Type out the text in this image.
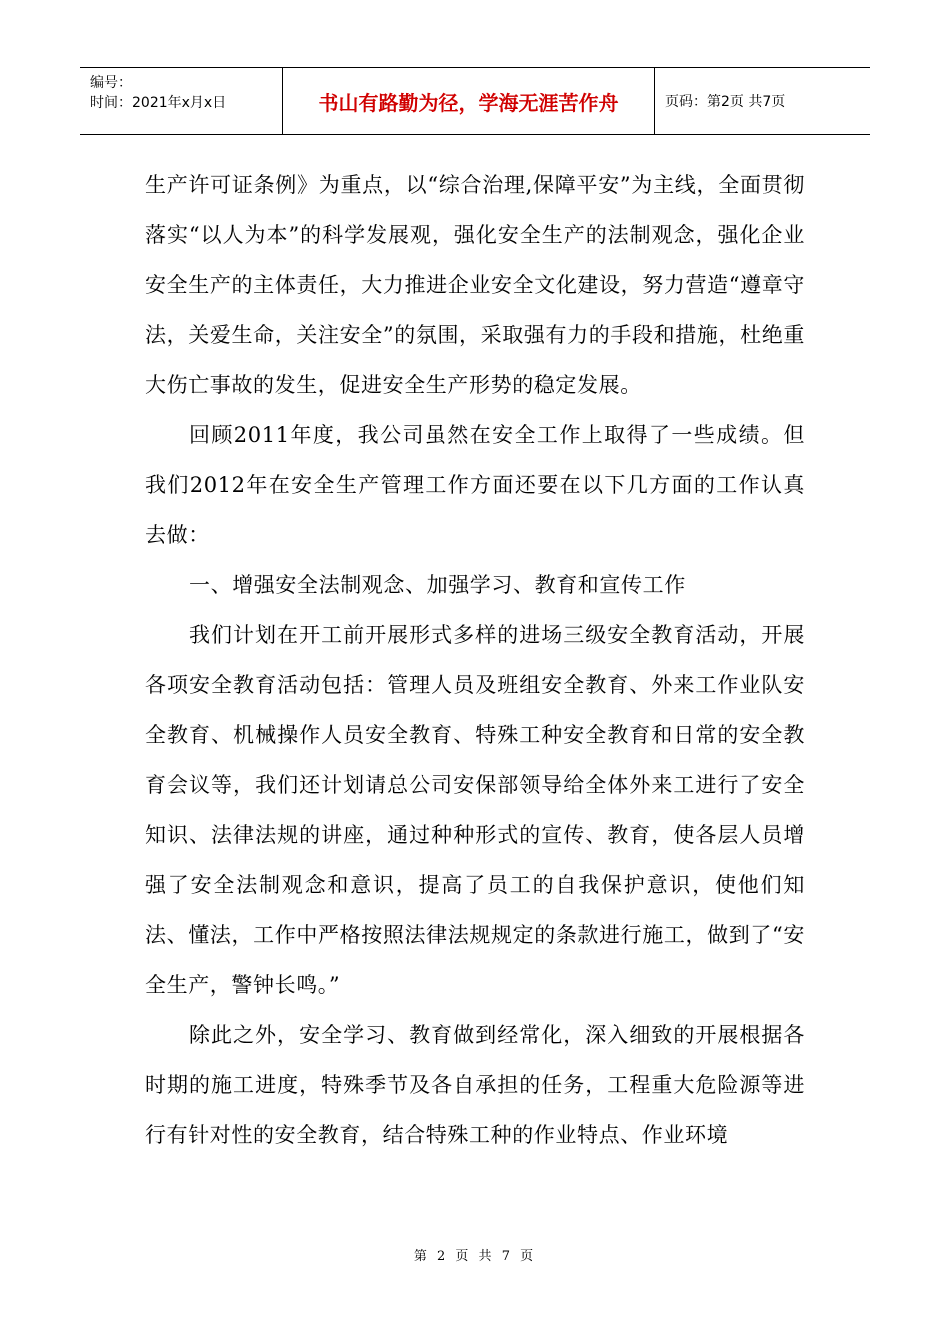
编号：
时间：2021年x月x日	书山有路勤为径，学海无涯苦作舟	页码：第2页 共7页

生产许可证条例》为重点，以“综合治理,保障平安”为主线，全面贯彻落实“以人为本”的科学发展观，强化安全生产的法制观念，强化企业安全生产的主体责任，大力推进企业安全文化建设，努力营造“遵章守法，关爱生命，关注安全”的氛围，采取强有力的手段和措施，杜绝重大伤亡事故的发生，促进安全生产形势的稳定发展。

回顾2011年度，我公司虽然在安全工作上取得了一些成绩。但我们2012年在安全生产管理工作方面还要在以下几方面的工作认真去做：

一、增强安全法制观念、加强学习、教育和宣传工作

我们计划在开工前开展形式多样的进场三级安全教育活动，开展各项安全教育活动包括：管理人员及班组安全教育、外来工作业队安全教育、机械操作人员安全教育、特殊工种安全教育和日常的安全教育会议等，我们还计划请总公司安保部领导给全体外来工进行了安全知识、法律法规的讲座，通过种种形式的宣传、教育，使各层人员增强了安全法制观念和意识，提高了员工的自我保护意识，使他们知法、懂法，工作中严格按照法律法规规定的条款进行施工，做到了“安全生产，警钟长鸣。”

除此之外，安全学习、教育做到经常化，深入细致的开展根据各时期的施工进度，特殊季节及各自承担的任务，工程重大危险源等进行有针对性的安全教育，结合特殊工种的作业特点、作业环境

第 2 页 共 7 页
